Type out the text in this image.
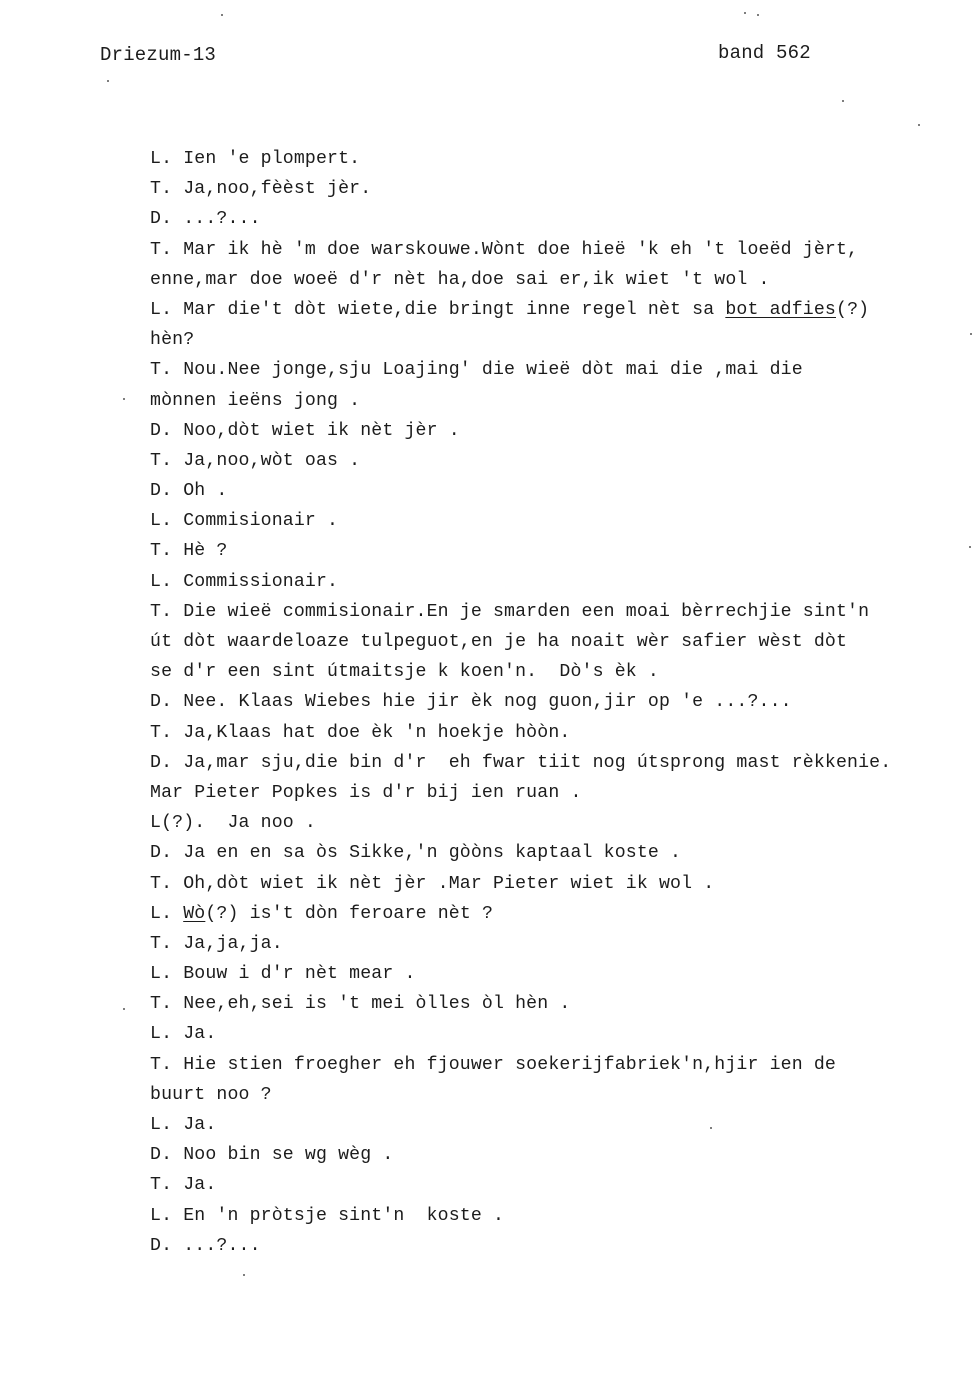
Driezum-13	band 562
L. Ien 'e plompert.
T. Ja,noo,fèèst jèr.
D. ...?...
T. Mar ik hè 'm doe warskouwe.Wònt doe hieë 'k eh 't loeëd jèrt,
enne,mar doe woeë d'r nèt ha,doe sai er,ik wiet 't wol .
L. Mar die't dòt wiete,die bringt inne regel nèt sa bot adfies(?)
hèn?
T. Nou.Nee jonge,sju Loajing' die wieë dòt mai die ,mai die
mònnen ieëns jong .
D. Noo,dòt wiet ik nèt jèr .
T. Ja,noo,wòt oas .
D. Oh .
L. Commisionair .
T. Hè ?
L. Commissionair.
T. Die wieë commisionair.En je smarden een moai bèrrechjie sint'n
út dòt waardeloaze tulpeguot,en je ha noait wèr safier wèst dòt
se d'r een sint útmaitsje k koen'n.  Dò's èk .
D. Nee. Klaas Wiebes hie jir èk nog guon,jir op 'e ...?...
T. Ja,Klaas hat doe èk 'n hoekje hòòn.
D. Ja,mar sju,die bin d'r  eh fwar tiit nog útsprong mast rèkkenie.
Mar Pieter Popkes is d'r bij ien ruan .
L(?).  Ja noo .
D. Ja en en sa òs Sikke,'n gòòns kaptaal koste .
T. Oh,dòt wiet ik nèt jèr .Mar Pieter wiet ik wol .
L. Wò(?) is't dòn feroare nèt ?
T. Ja,ja,ja.
L. Bouw i d'r nèt mear .
T. Nee,eh,sei is 't mei òlles òl hèn .
L. Ja.
T. Hie stien froegher eh fjouwer soekerijfabriek'n,hjir ien de
buurt noo ?
L. Ja.
D. Noo bin se wg wèg .
T. Ja.
L. En 'n pròtsje sint'n  koste .
D. ...?...
